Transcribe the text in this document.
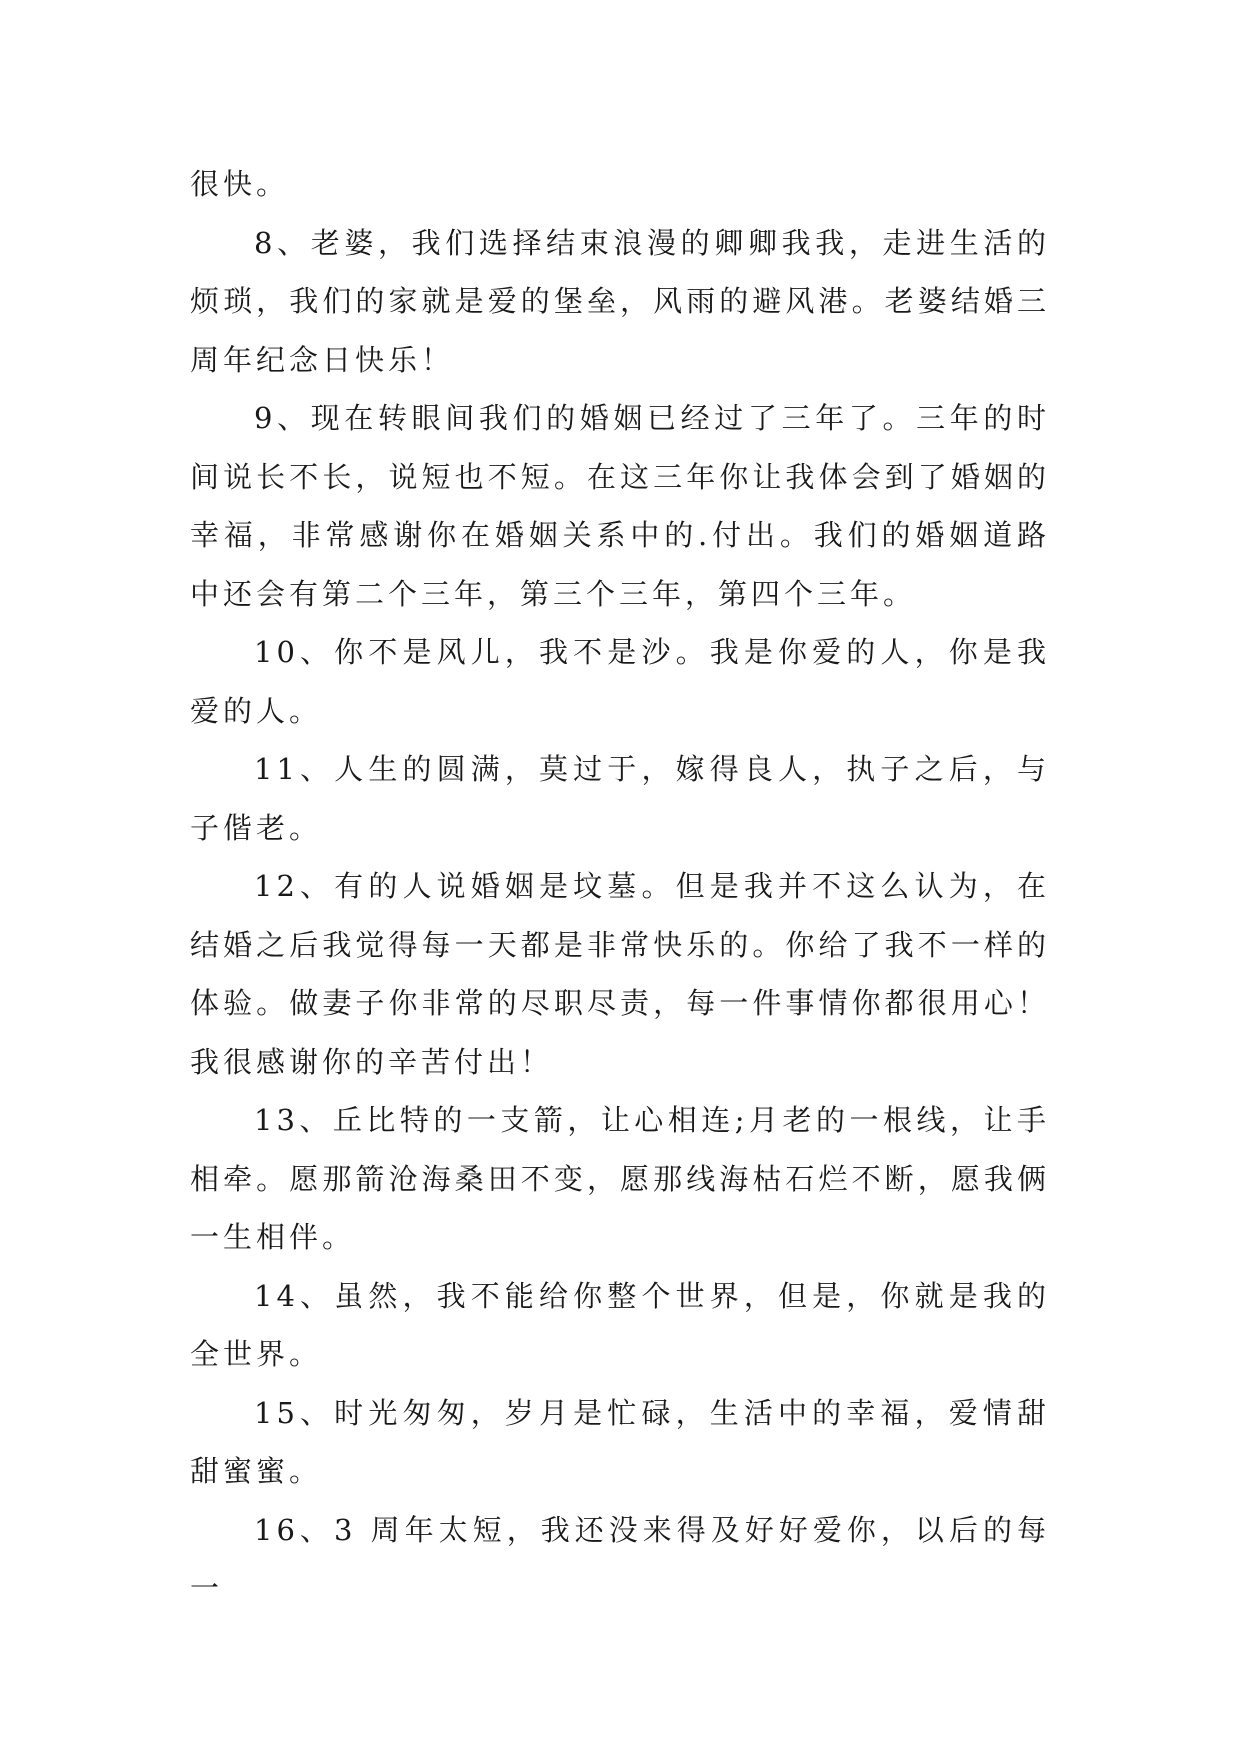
很快。

8、老婆，我们选择结束浪漫的卿卿我我，走进生活的烦琐，我们的家就是爱的堡垒，风雨的避风港。老婆结婚三周年纪念日快乐！

9、现在转眼间我们的婚姻已经过了三年了。三年的时间说长不长，说短也不短。在这三年你让我体会到了婚姻的幸福，非常感谢你在婚姻关系中的.付出。我们的婚姻道路中还会有第二个三年，第三个三年，第四个三年。

10、你不是风儿，我不是沙。我是你爱的人，你是我爱的人。

11、人生的圆满，莫过于，嫁得良人，执子之后，与子偕老。

12、有的人说婚姻是坟墓。但是我并不这么认为，在结婚之后我觉得每一天都是非常快乐的。你给了我不一样的体验。做妻子你非常的尽职尽责，每一件事情你都很用心！我很感谢你的辛苦付出！

13、丘比特的一支箭，让心相连;月老的一根线，让手相牵。愿那箭沧海桑田不变，愿那线海枯石烂不断，愿我俩一生相伴。

14、虽然，我不能给你整个世界，但是，你就是我的全世界。

15、时光匆匆，岁月是忙碌，生活中的幸福，爱情甜甜蜜蜜。

16、3 周年太短，我还没来得及好好爱你，以后的每一
